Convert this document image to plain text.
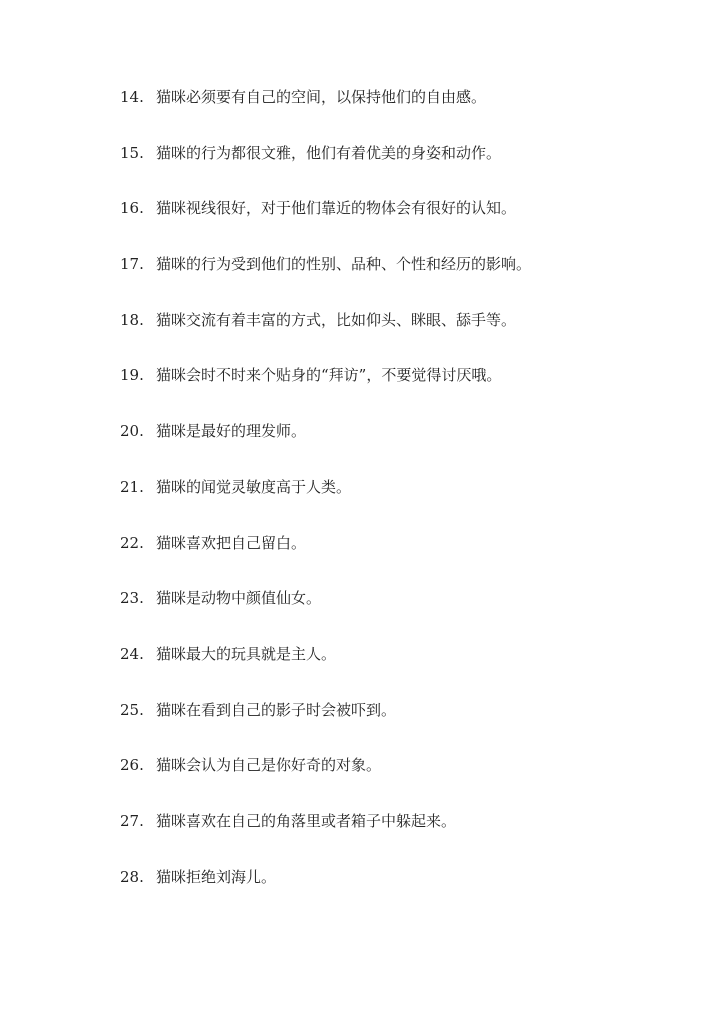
14. 猫咪必须要有自己的空间，以保持他们的自由感。
15. 猫咪的行为都很文雅，他们有着优美的身姿和动作。
16. 猫咪视线很好，对于他们靠近的物体会有很好的认知。
17. 猫咪的行为受到他们的性别、品种、个性和经历的影响。
18. 猫咪交流有着丰富的方式，比如仰头、眯眼、舔手等。
19. 猫咪会时不时来个贴身的“拜访”，不要觉得讨厌哦。
20. 猫咪是最好的理发师。
21. 猫咪的闻觉灵敏度高于人类。
22. 猫咪喜欢把自己留白。
23. 猫咪是动物中颜值仙女。
24. 猫咪最大的玩具就是主人。
25. 猫咪在看到自己的影子时会被吓到。
26. 猫咪会认为自己是你好奇的对象。
27. 猫咪喜欢在自己的角落里或者箱子中躲起来。
28. 猫咪拒绝刘海儿。
